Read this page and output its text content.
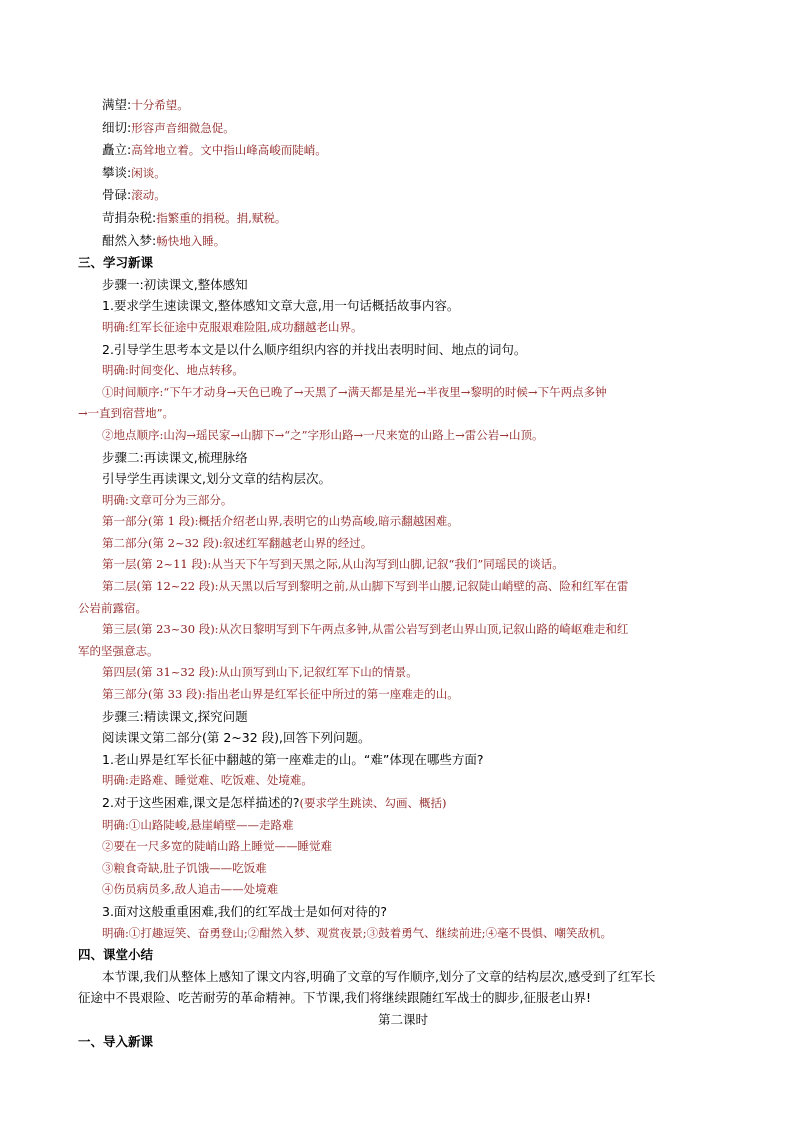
满望:十分希望。
细切:形容声音细微急促。
矗立:高耸地立着。文中指山峰高峻而陡峭。
攀谈:闲谈。
骨碌:滚动。
苛捐杂税:指繁重的捐税。捐,赋税。
酣然入梦:畅快地入睡。
三、学习新课
步骤一:初读课文,整体感知
1.要求学生速读课文,整体感知文章大意,用一句话概括故事内容。
明确:红军长征途中克服艰难险阻,成功翻越老山界。
2.引导学生思考本文是以什么顺序组织内容的并找出表明时间、地点的词句。
明确:时间变化、地点转移。
①时间顺序:“下午才动身→天色已晚了→天黑了→满天都是星光→半夜里→黎明的时候→下午两点多钟
→一直到宿营地”。
②地点顺序:山沟→瑶民家→山脚下→“之”字形山路→一尺来宽的山路上→雷公岩→山顶。
步骤二:再读课文,梳理脉络
引导学生再读课文,划分文章的结构层次。
明确:文章可分为三部分。
第一部分(第 1 段):概括介绍老山界,表明它的山势高峻,暗示翻越困难。
第二部分(第 2~32 段):叙述红军翻越老山界的经过。
第一层(第 2~11 段):从当天下午写到天黑之际,从山沟写到山脚,记叙“我们”同瑶民的谈话。
第二层(第 12~22 段):从天黑以后写到黎明之前,从山脚下写到半山腰,记叙陡山峭壁的高、险和红军在雷
公岩前露宿。
第三层(第 23~30 段):从次日黎明写到下午两点多钟,从雷公岩写到老山界山顶,记叙山路的崎岖难走和红
军的坚强意志。
第四层(第 31~32 段):从山顶写到山下,记叙红军下山的情景。
第三部分(第 33 段):指出老山界是红军长征中所过的第一座难走的山。
步骤三:精读课文,探究问题
阅读课文第二部分(第 2~32 段),回答下列问题。
1.老山界是红军长征中翻越的第一座难走的山。“难”体现在哪些方面?
明确:走路难、睡觉难、吃饭难、处境难。
2.对于这些困难,课文是怎样描述的?(要求学生跳读、勾画、概括)
明确:①山路陡峻,悬崖峭壁——走路难
②要在一尺多宽的陡峭山路上睡觉——睡觉难
③粮食奇缺,肚子饥饿——吃饭难
④伤员病员多,敌人追击——处境难
3.面对这般重重困难,我们的红军战士是如何对待的?
明确:①打趣逗笑、奋勇登山;②酣然入梦、观赏夜景;③鼓着勇气、继续前进;④毫不畏惧、嘲笑敌机。
四、课堂小结
本节课,我们从整体上感知了课文内容,明确了文章的写作顺序,划分了文章的结构层次,感受到了红军长
征途中不畏艰险、吃苦耐劳的革命精神。下节课,我们将继续跟随红军战士的脚步,征服老山界!
第二课时
一、导入新课
